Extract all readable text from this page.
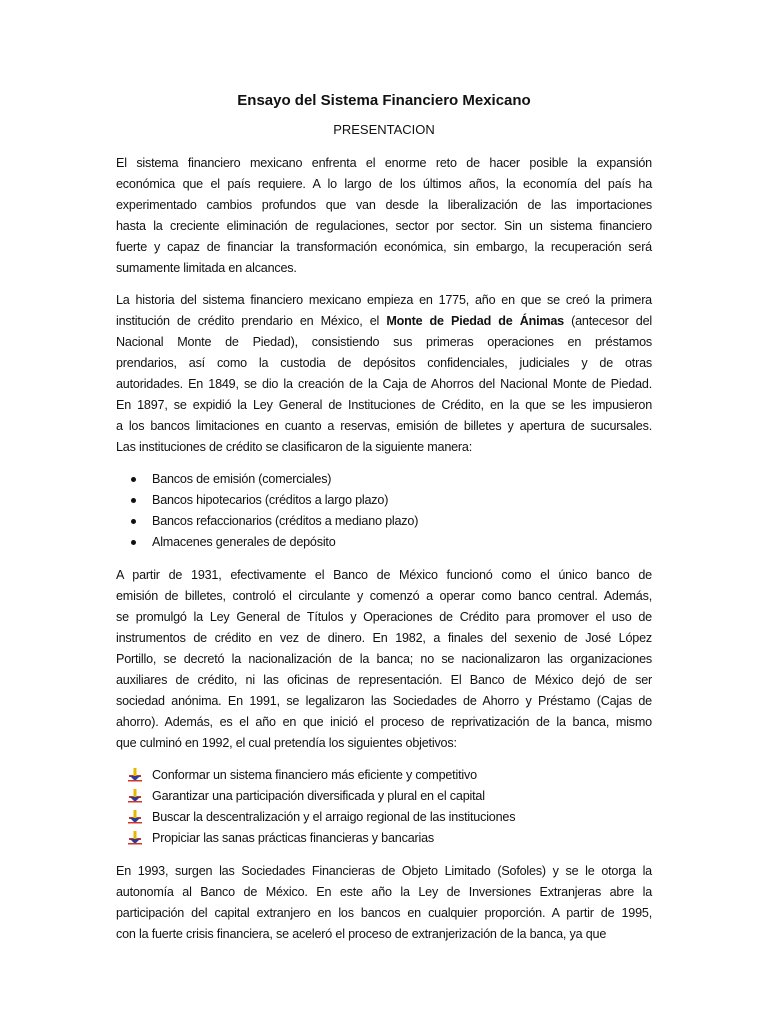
Ensayo del Sistema Financiero Mexicano
PRESENTACION
El sistema financiero mexicano enfrenta el enorme reto de hacer posible la expansión
económica que el país requiere. A lo largo de los últimos años, la economía del país ha
experimentado cambios profundos que van desde la liberalización de las importaciones
hasta la creciente eliminación de regulaciones, sector por sector. Sin un sistema financiero
fuerte y capaz de financiar la transformación económica, sin embargo, la recuperación será
sumamente limitada en alcances.
La historia del sistema financiero mexicano empieza en 1775, año en que se creó la primera
institución de crédito prendario en México, el Monte de Piedad de Ánimas (antecesor del
Nacional Monte de Piedad), consistiendo sus primeras operaciones en préstamos
prendarios, así como la custodia de depósitos confidenciales, judiciales y de otras
autoridades. En 1849, se dio la creación de la Caja de Ahorros del Nacional Monte de Piedad.
En 1897, se expidió la Ley General de Instituciones de Crédito, en la que se les impusieron
a los bancos limitaciones en cuanto a reservas, emisión de billetes y apertura de sucursales.
Las instituciones de crédito se clasificaron de la siguiente manera:
Bancos de emisión (comerciales)
Bancos hipotecarios (créditos a largo plazo)
Bancos refaccionarios (créditos a mediano plazo)
Almacenes generales de depósito
A partir de 1931, efectivamente el Banco de México funcionó como el único banco de
emisión de billetes, controló el circulante y comenzó a operar como banco central. Además,
se promulgó la Ley General de Títulos y Operaciones de Crédito para promover el uso de
instrumentos de crédito en vez de dinero. En 1982, a finales del sexenio de José López
Portillo, se decretó la nacionalización de la banca; no se nacionalizaron las organizaciones
auxiliares de crédito, ni las oficinas de representación. El Banco de México dejó de ser
sociedad anónima. En 1991, se legalizaron las Sociedades de Ahorro y Préstamo (Cajas de
ahorro). Además, es el año en que inició el proceso de reprivatización de la banca, mismo
que culminó en 1992, el cual pretendía los siguientes objetivos:
Conformar un sistema financiero más eficiente y competitivo
Garantizar una participación diversificada y plural en el capital
Buscar la descentralización y el arraigo regional de las instituciones
Propiciar las sanas prácticas financieras y bancarias
En 1993, surgen las Sociedades Financieras de Objeto Limitado (Sofoles) y se le otorga la
autonomía al Banco de México. En este año la Ley de Inversiones Extranjeras abre la
participación del capital extranjero en los bancos en cualquier proporción. A partir de 1995,
con la fuerte crisis financiera, se aceleró el proceso de extranjerización de la banca, ya que
